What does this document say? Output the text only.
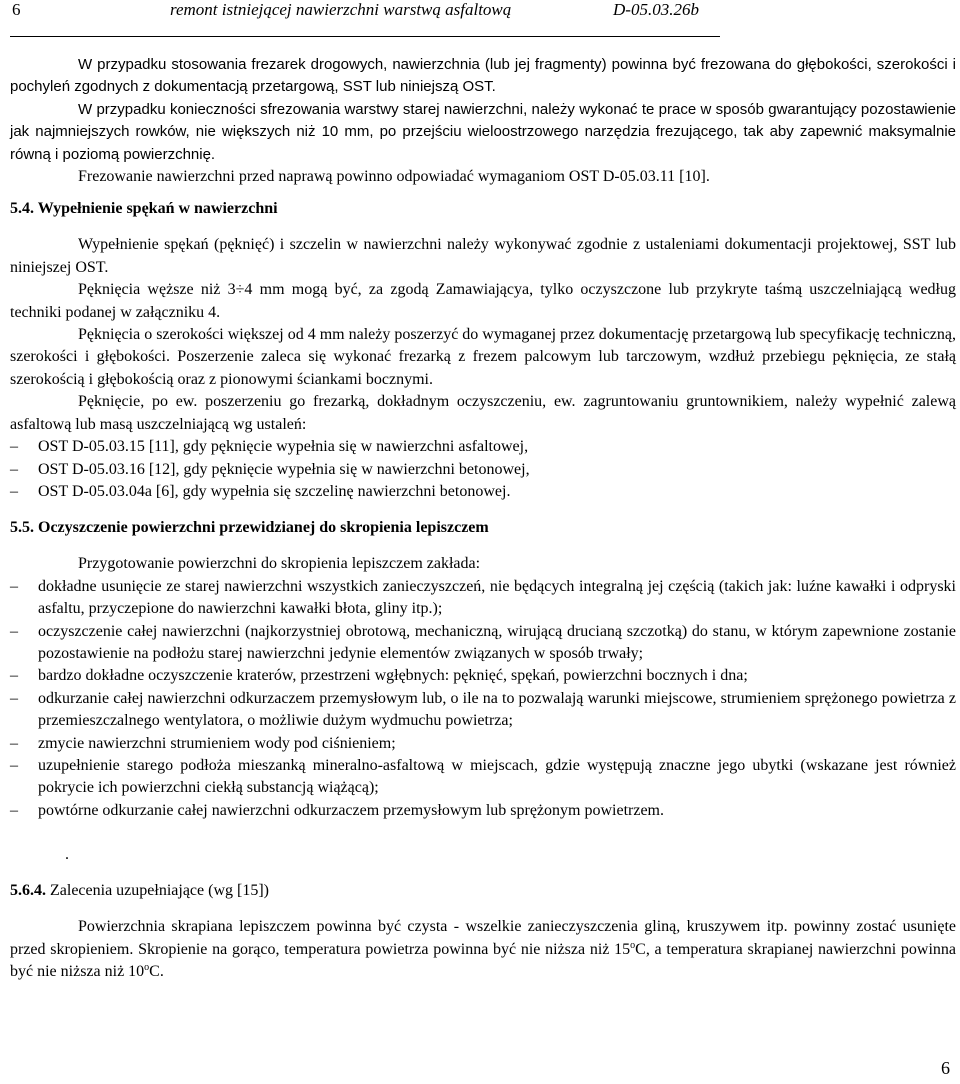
6	remont istniejącej nawierzchni warstwą asfaltową	D-05.03.26b

W przypadku stosowania frezarek drogowych, nawierzchnia (lub jej fragmenty) powinna być frezowana do głębokości, szerokości i pochyleń zgodnych z dokumentacją przetargową, SST lub niniejszą OST.

W przypadku konieczności sfrezowania warstwy starej nawierzchni, należy wykonać te prace w sposób gwarantujący pozostawienie jak najmniejszych rowków, nie większych niż 10 mm, po przejściu wieloostrzowego narzędzia frezującego, tak aby zapewnić maksymalnie równą i poziomą powierzchnię.

Frezowanie nawierzchni przed naprawą powinno odpowiadać wymaganiom OST D-05.03.11 [10].

5.4. Wypełnienie spękań w nawierzchni

Wypełnienie spękań (pęknięć) i szczelin w nawierzchni należy wykonywać zgodnie z ustaleniami dokumentacji projektowej, SST lub niniejszej OST.

Pęknięcia węższe niż 3÷4 mm mogą być, za zgodą Zamawiającya, tylko oczyszczone lub przykryte taśmą uszczelniającą według techniki podanej w załączniku 4.

Pęknięcia o szerokości większej od 4 mm należy poszerzyć do wymaganej przez dokumentację przetargową lub specyfikację techniczną, szerokości i głębokości. Poszerzenie zaleca się wykonać frezarką z frezem palcowym lub tarczowym, wzdłuż przebiegu pęknięcia, ze stałą szerokością i głębokością oraz z pionowymi ściankami bocznymi.

Pęknięcie, po ew. poszerzeniu go frezarką, dokładnym oczyszczeniu, ew. zagruntowaniu gruntownikiem, należy wypełnić zalewą asfaltową lub masą uszczelniającą wg ustaleń:

– OST D-05.03.15 [11], gdy pęknięcie wypełnia się w nawierzchni asfaltowej,
– OST D-05.03.16 [12], gdy pęknięcie wypełnia się w nawierzchni betonowej,
– OST D-05.03.04a [6], gdy wypełnia się szczelinę nawierzchni betonowej.
5.5. Oczyszczenie powierzchni przewidzianej do skropienia lepiszczem

Przygotowanie powierzchni do skropienia lepiszczem zakłada:

– dokładne usunięcie ze starej nawierzchni wszystkich zanieczyszczeń, nie będących integralną jej częścią (takich jak: luźne kawałki i odpryski asfaltu, przyczepione do nawierzchni kawałki błota, gliny itp.);
– oczyszczenie całej nawierzchni (najkorzystniej obrotową, mechaniczną, wirującą drucianą szczotką) do stanu, w którym zapewnione zostanie pozostawienie na podłożu starej nawierzchni jedynie elementów związanych w sposób trwały;
– bardzo dokładne oczyszczenie kraterów, przestrzeni wgłębnych: pęknięć, spękań, powierzchni bocznych i dna;
– odkurzanie całej nawierzchni odkurzaczem przemysłowym lub, o ile na to pozwalają warunki miejscowe, strumieniem sprężonego powietrza z przemieszczalnego wentylatora, o możliwie dużym wydmuchu powietrza;
– zmycie nawierzchni strumieniem wody pod ciśnieniem;
– uzupełnienie starego podłoża mieszanką mineralno-asfaltową w miejscach, gdzie występują znaczne jego ubytki (wskazane jest również pokrycie ich powierzchni ciekłą substancją wiążącą);
– powtórne odkurzanie całej nawierzchni odkurzaczem przemysłowym lub sprężonym powietrzem.
.
5.6.4. Zalecenia uzupełniające (wg [15])

Powierzchnia skrapiana lepiszczem powinna być czysta - wszelkie zanieczyszczenia gliną, kruszywem itp. powinny zostać usunięte przed skropieniem. Skropienie na gorąco, temperatura powietrza powinna być nie niższa niż 15$^o$C, a temperatura skrapianej nawierzchni powinna być nie niższa niż 10$^o$C.

6
